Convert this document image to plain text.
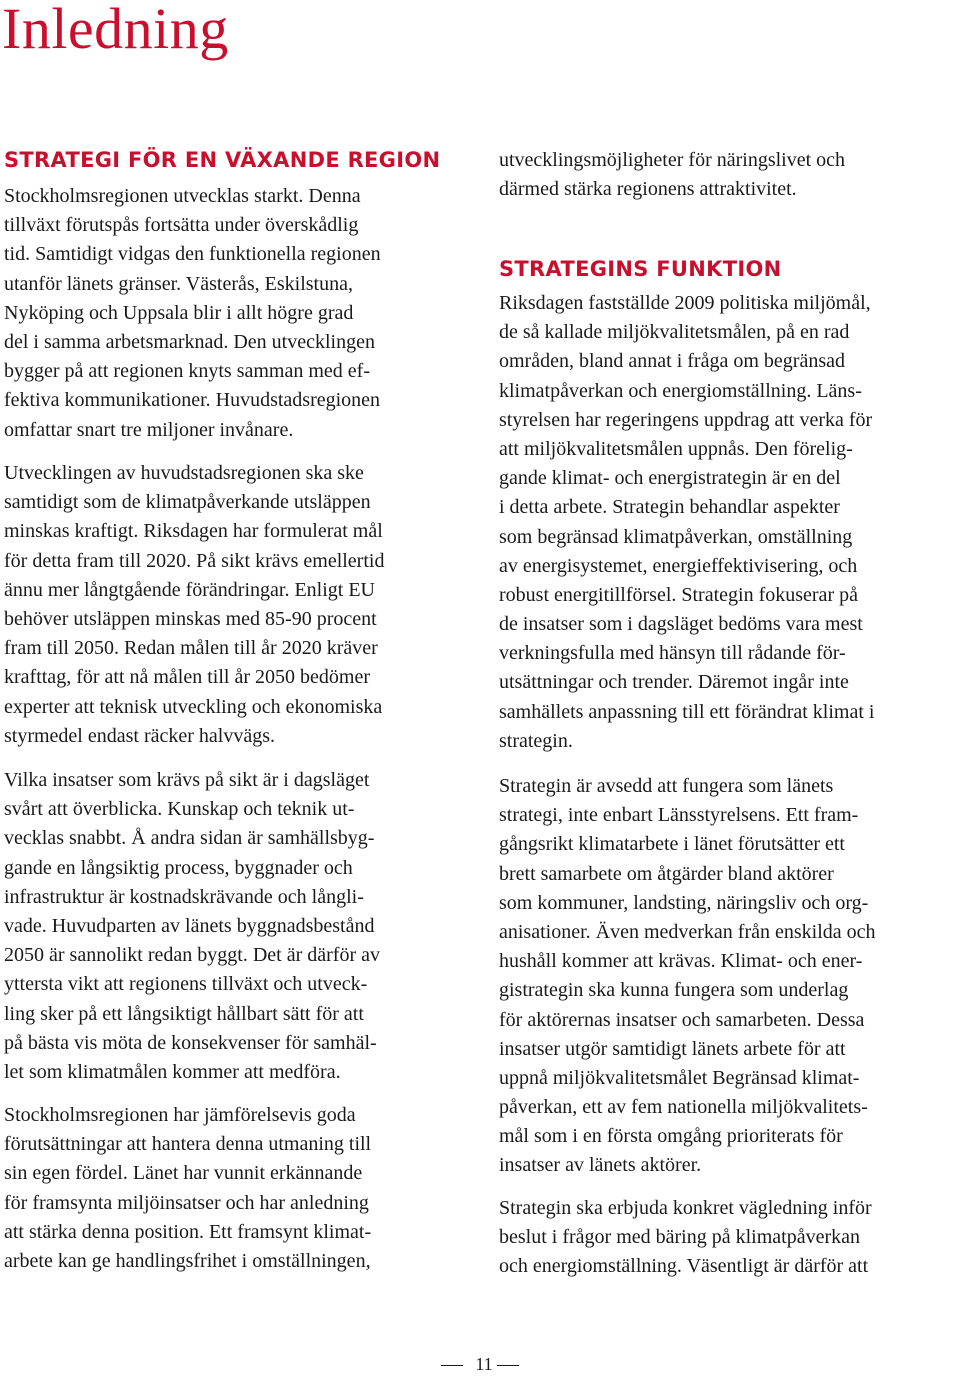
Inledning
STRATEGI FÖR EN VÄXANDE REGION
Stockholmsregionen utvecklas starkt. Denna
tillväxt förutspås fortsätta under överskådlig
tid. Samtidigt vidgas den funktionella regionen
utanför länets gränser. Västerås, Eskilstuna,
Nyköping och Uppsala blir i allt högre grad
del i samma arbetsmarknad. Den utvecklingen
bygger på att regionen knyts samman med ef-
fektiva kommunikationer. Huvudstadsregionen
omfattar snart tre miljoner invånare.
Utvecklingen av huvudstadsregionen ska ske
samtidigt som de klimatpåverkande utsläppen
minskas kraftigt. Riksdagen har formulerat mål
för detta fram till 2020. På sikt krävs emellertid
ännu mer långtgående förändringar. Enligt EU
behöver utsläppen minskas med 85-90 procent
fram till 2050. Redan målen till år 2020 kräver
krafttag, för att nå målen till år 2050 bedömer
experter att teknisk utveckling och ekonomiska
styrmedel endast räcker halvvägs.
Vilka insatser som krävs på sikt är i dagsläget
svårt att överblicka. Kunskap och teknik ut-
vecklas snabbt. Å andra sidan är samhällsbyg-
gande en långsiktig process, byggnader och
infrastruktur är kostnadskrävande och långli-
vade. Huvudparten av länets byggnadsbestånd
2050 är sannolikt redan byggt. Det är därför av
yttersta vikt att regionens tillväxt och utveck-
ling sker på ett långsiktigt hållbart sätt för att
på bästa vis möta de konsekvenser för samhäl-
let som klimatmålen kommer att medföra.
Stockholmsregionen har jämförelsevis goda
förutsättningar att hantera denna utmaning till
sin egen fördel. Länet har vunnit erkännande
för framsynta miljöinsatser och har anledning
att stärka denna position. Ett framsynt klimat-
arbete kan ge handlingsfrihet i omställningen,
utvecklingsmöjligheter för näringslivet och
därmed stärka regionens attraktivitet.
STRATEGINS FUNKTION
Riksdagen fastställde 2009 politiska miljömål,
de så kallade miljökvalitetsmålen, på en rad
områden, bland annat i fråga om begränsad
klimatpåverkan och energiomställning. Läns-
styrelsen har regeringens uppdrag att verka för
att miljökvalitetsmålen uppnås. Den förelig-
gande klimat- och energistrategin är en del
i detta arbete. Strategin behandlar aspekter
som begränsad klimatpåverkan, omställning
av energisystemet, energieffektivisering, och
robust energitillförsel. Strategin fokuserar på
de insatser som i dagsläget bedöms vara mest
verkningsfulla med hänsyn till rådande för-
utsättningar och trender. Däremot ingår inte
samhällets anpassning till ett förändrat klimat i
strategin.
Strategin är avsedd att fungera som länets
strategi, inte enbart Länsstyrelsens. Ett fram-
gångsrikt klimatarbete i länet förutsätter ett
brett samarbete om åtgärder bland aktörer
som kommuner, landsting, näringsliv och org-
anisationer. Även medverkan från enskilda och
hushåll kommer att krävas. Klimat- och ener-
gistrategin ska kunna fungera som underlag
för aktörernas insatser och samarbeten. Dessa
insatser utgör samtidigt länets arbete för att
uppnå miljökvalitetsmålet Begränsad klimat-
påverkan, ett av fem nationella miljökvalitets-
mål som i en första omgång prioriterats för
insatser av länets aktörer.
Strategin ska erbjuda konkret vägledning inför
beslut i frågor med bäring på klimatpåverkan
och energiomställning. Väsentligt är därför att
11
